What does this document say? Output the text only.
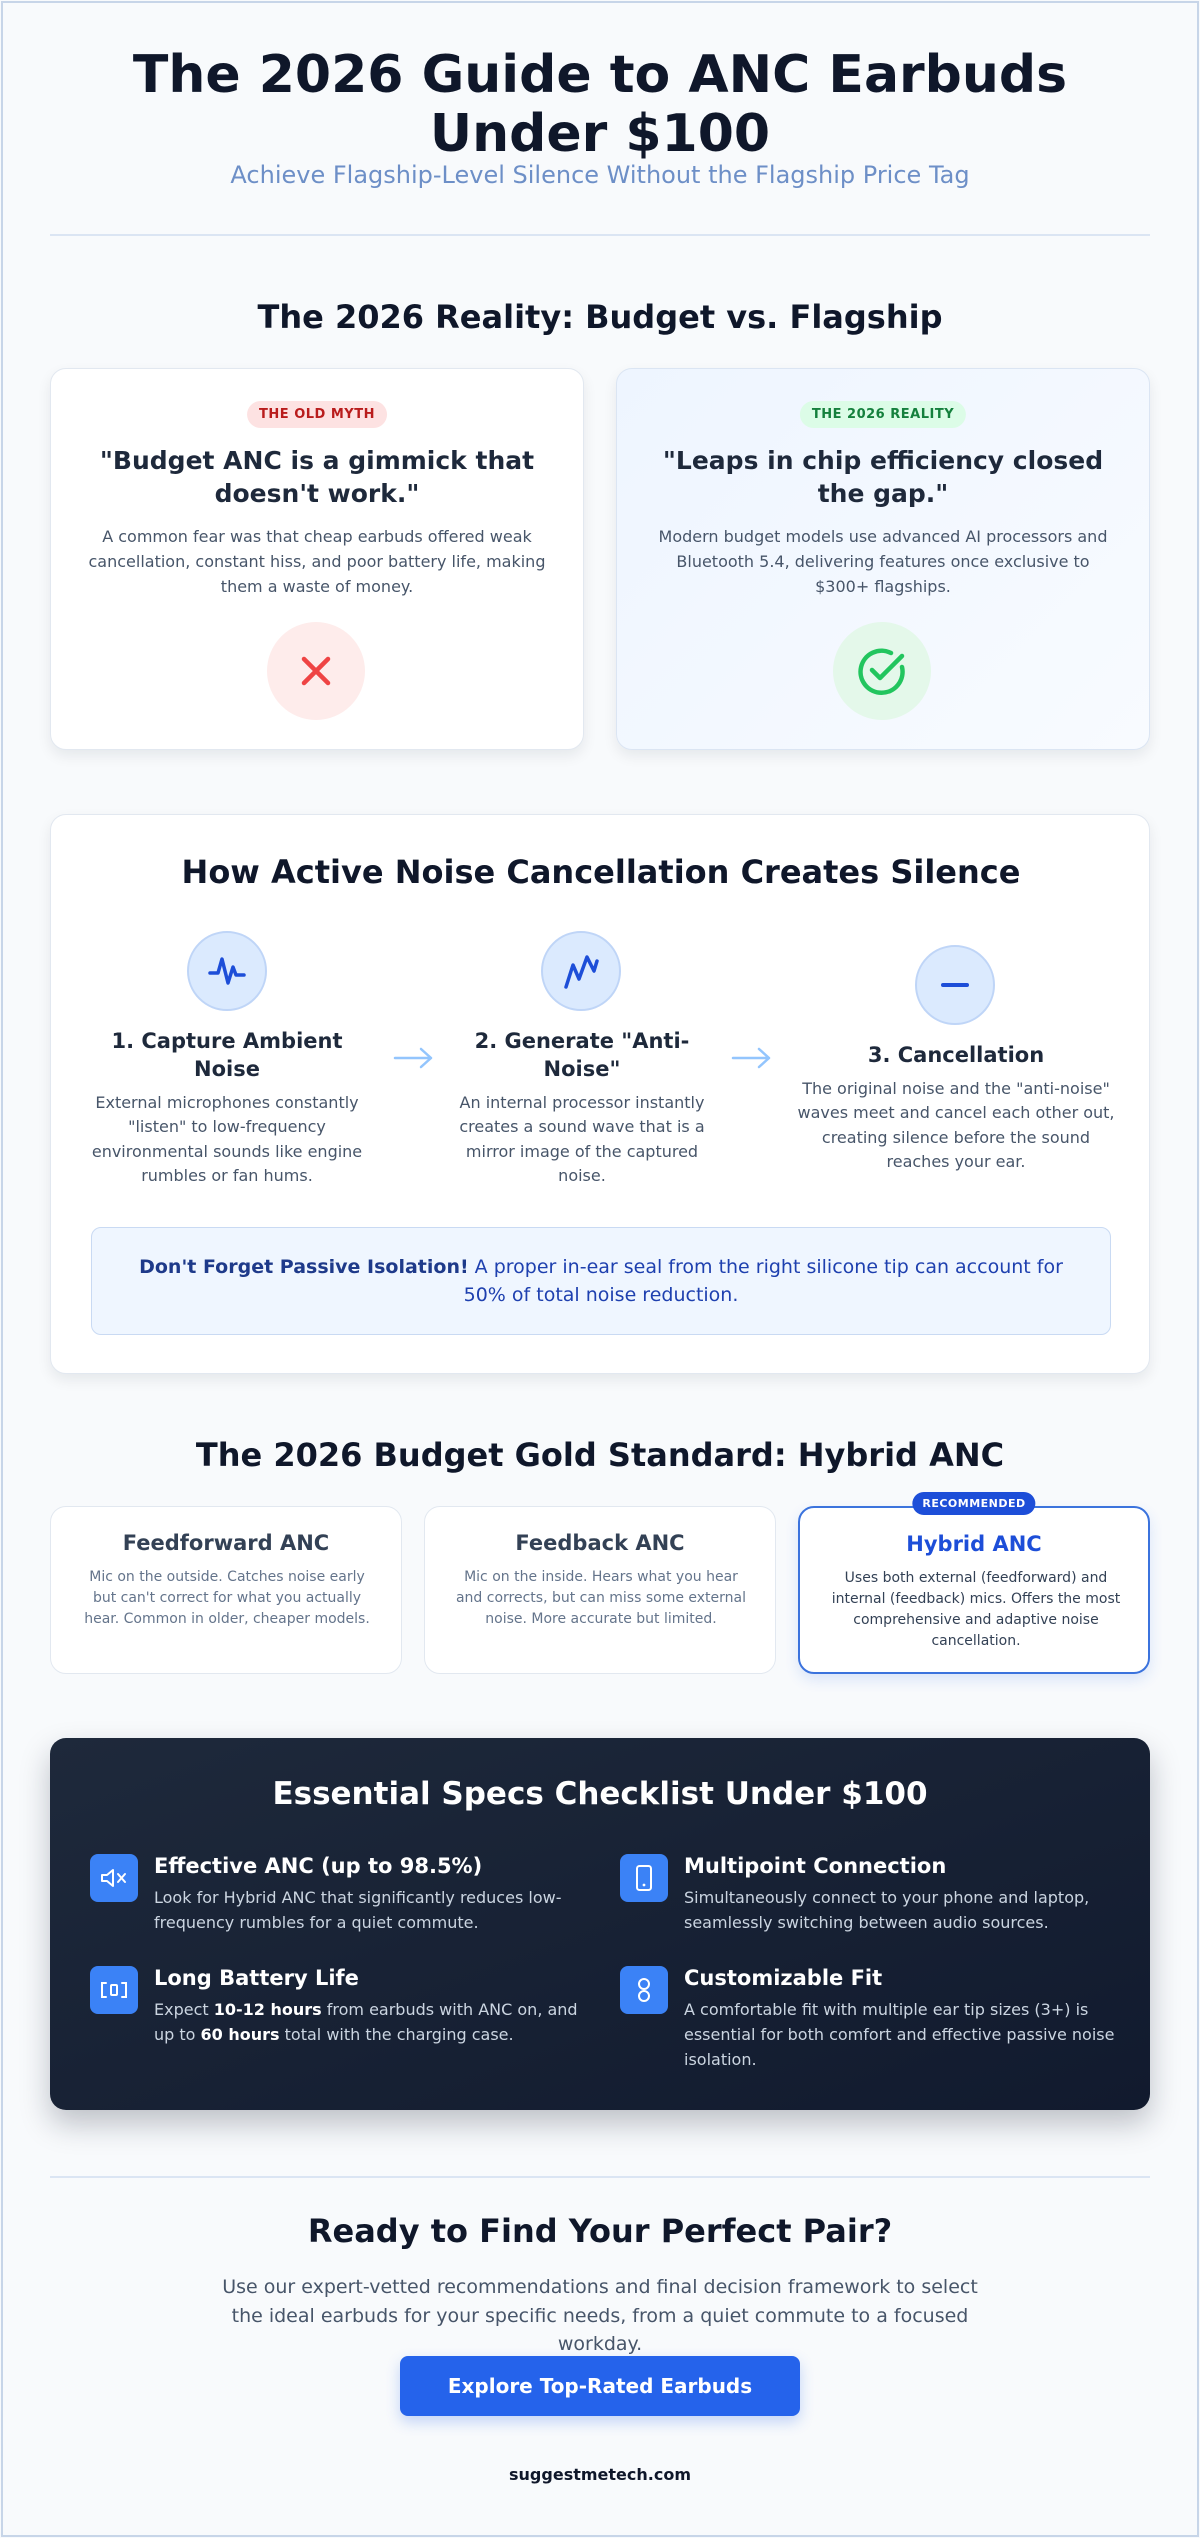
The 2026 Guide to ANC Earbuds Under $100
Achieve Flagship-Level Silence Without the Flagship Price Tag
The 2026 Reality: Budget vs. Flagship
THE OLD MYTH
"Budget ANC is a gimmick that doesn't work."
A common fear was that cheap earbuds offered weak cancellation, constant hiss, and poor battery life, making them a waste of money.
THE 2026 REALITY
"Leaps in chip efficiency closed the gap."
Modern budget models use advanced AI processors and Bluetooth 5.4, delivering features once exclusive to $300+ flagships.
How Active Noise Cancellation Creates Silence
1. Capture Ambient Noise
External microphones constantly "listen" to low-frequency environmental sounds like engine rumbles or fan hums.
2. Generate "Anti-Noise"
An internal processor instantly creates a sound wave that is a mirror image of the captured noise.
3. Cancellation
The original noise and the "anti-noise" waves meet and cancel each other out, creating silence before the sound reaches your ear.

Don't Forget Passive Isolation! A proper in-ear seal from the right silicone tip can account for 50% of total noise reduction.

The 2026 Budget Gold Standard: Hybrid ANC
Feedforward ANC
Mic on the outside. Catches noise early but can't correct for what you actually hear. Common in older, cheaper models.
Feedback ANC
Mic on the inside. Hears what you hear and corrects, but can miss some external noise. More accurate but limited.
RECOMMENDED
Hybrid ANC
Uses both external (feedforward) and internal (feedback) mics. Offers the most comprehensive and adaptive noise cancellation.
Essential Specs Checklist Under $100
Effective ANC (up to 98.5%)
Look for Hybrid ANC that significantly reduces low-frequency rumbles for a quiet commute.
Multipoint Connection
Simultaneously connect to your phone and laptop, seamlessly switching between audio sources.
Long Battery Life
Expect 10-12 hours from earbuds with ANC on, and up to 60 hours total with the charging case.
Customizable Fit
A comfortable fit with multiple ear tip sizes (3+) is essential for both comfort and effective passive noise isolation.
Ready to Find Your Perfect Pair?

Use our expert-vetted recommendations and final decision framework to select the ideal earbuds for your specific needs, from a quiet commute to a focused workday.

Explore Top-Rated Earbuds
suggestmetech.com
